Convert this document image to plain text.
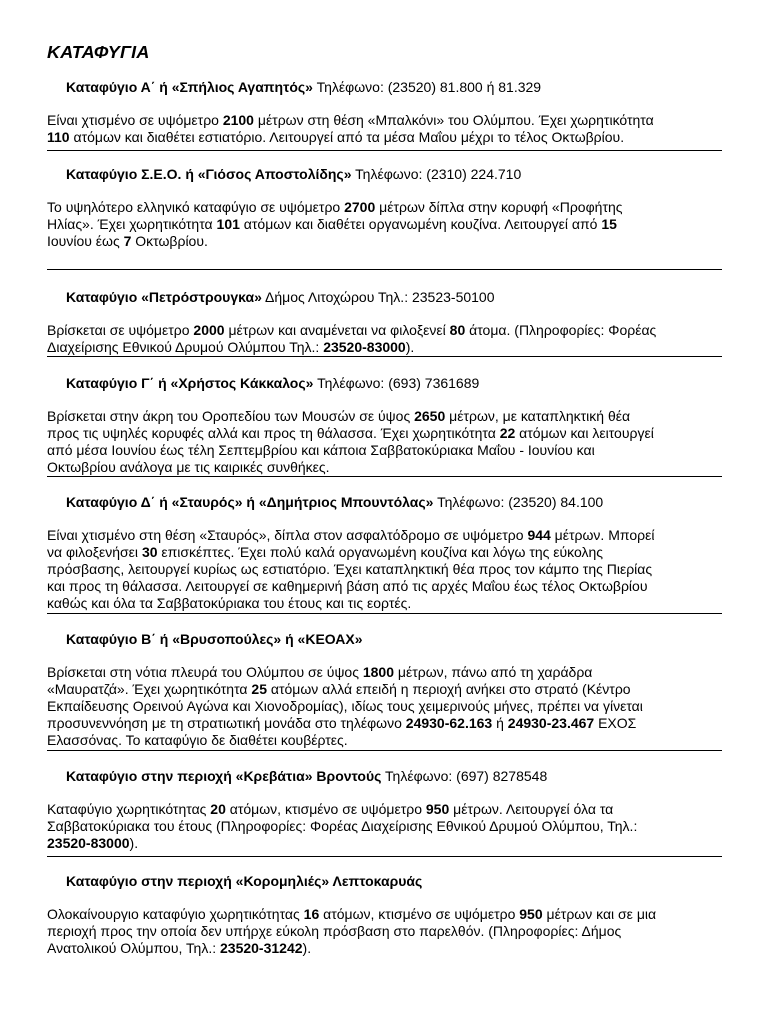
ΚΑΤΑΦΥΓΙΑ
Καταφύγιο Α΄ ή «Σπήλιος Αγαπητός» Τηλέφωνο: (23520) 81.800 ή 81.329
Είναι χτισμένο σε υψόμετρο 2100 μέτρων στη θέση «Μπαλκόνι» του Ολύμπου. Έχει χωρητικότητα
110 ατόμων και διαθέτει εστιατόριο. Λειτουργεί από τα μέσα Μαΐου μέχρι το τέλος Οκτωβρίου.
Καταφύγιο Σ.Ε.Ο. ή «Γιόσος Αποστολίδης» Τηλέφωνο: (2310) 224.710
Το υψηλότερο ελληνικό καταφύγιο σε υψόμετρο 2700 μέτρων δίπλα στην κορυφή «Προφήτης
Ηλίας». Έχει χωρητικότητα 101 ατόμων και διαθέτει οργανωμένη κουζίνα. Λειτουργεί από 15
Ιουνίου έως 7 Οκτωβρίου.
Καταφύγιο «Πετρόστρουγκα» Δήμος Λιτοχώρου Τηλ.: 23523-50100
Βρίσκεται σε υψόμετρο 2000 μέτρων και αναμένεται να φιλοξενεί 80 άτομα. (Πληροφορίες: Φορέας
Διαχείρισης Εθνικού Δρυμού Ολύμπου Τηλ.: 23520-83000).
Καταφύγιο Γ΄ ή «Χρήστος Κάκκαλος» Τηλέφωνο: (693) 7361689
Βρίσκεται στην άκρη του Οροπεδίου των Μουσών σε ύψος 2650 μέτρων, με καταπληκτική θέα
προς τις υψηλές κορυφές αλλά και προς τη θάλασσα. Έχει χωρητικότητα 22 ατόμων και λειτουργεί
από μέσα Ιουνίου έως τέλη Σεπτεμβρίου και κάποια Σαββατοκύριακα Μαΐου - Ιουνίου και
Οκτωβρίου ανάλογα με τις καιρικές συνθήκες.
Καταφύγιο Δ΄ ή «Σταυρός» ή «Δημήτριος Μπουντόλας» Τηλέφωνο: (23520) 84.100
Είναι χτισμένο στη θέση «Σταυρός», δίπλα στον ασφαλτόδρομο σε υψόμετρο 944 μέτρων. Μπορεί
να φιλοξενήσει 30 επισκέπτες. Έχει πολύ καλά οργανωμένη κουζίνα και λόγω της εύκολης
πρόσβασης, λειτουργεί κυρίως ως εστιατόριο. Έχει καταπληκτική θέα προς τον κάμπο της Πιερίας
και προς τη θάλασσα. Λειτουργεί σε καθημερινή βάση από τις αρχές Μαΐου έως τέλος Οκτωβρίου
καθώς και όλα τα Σαββατοκύριακα του έτους και τις εορτές.
Καταφύγιο Β΄ ή «Βρυσοπούλες» ή «ΚΕΟΑΧ»
Βρίσκεται στη νότια πλευρά του Ολύμπου σε ύψος 1800 μέτρων, πάνω από τη χαράδρα
«Μαυρατζά». Έχει χωρητικότητα 25 ατόμων αλλά επειδή η περιοχή ανήκει στο στρατό (Κέντρο
Εκπαίδευσης Ορεινού Αγώνα και Χιονοδρομίας), ιδίως τους χειμερινούς μήνες, πρέπει να γίνεται
προσυνεννόηση με τη στρατιωτική μονάδα στο τηλέφωνο 24930-62.163 ή 24930-23.467 ΕΧΟΣ
Ελασσόνας. Το καταφύγιο δε διαθέτει κουβέρτες.
Καταφύγιο στην περιοχή «Κρεβάτια» Βροντούς Τηλέφωνο: (697) 8278548
Καταφύγιο χωρητικότητας 20 ατόμων, κτισμένο σε υψόμετρο 950 μέτρων. Λειτουργεί όλα τα
Σαββατοκύριακα του έτους (Πληροφορίες: Φορέας Διαχείρισης Εθνικού Δρυμού Ολύμπου, Τηλ.:
23520-83000).
Καταφύγιο στην περιοχή «Κορομηλιές» Λεπτοκαρυάς
Ολοκαίνουργιο καταφύγιο χωρητικότητας 16 ατόμων, κτισμένο σε υψόμετρο 950 μέτρων και σε μια
περιοχή προς την οποία δεν υπήρχε εύκολη πρόσβαση στο παρελθόν. (Πληροφορίες: Δήμος
Ανατολικού Ολύμπου, Τηλ.: 23520-31242).
